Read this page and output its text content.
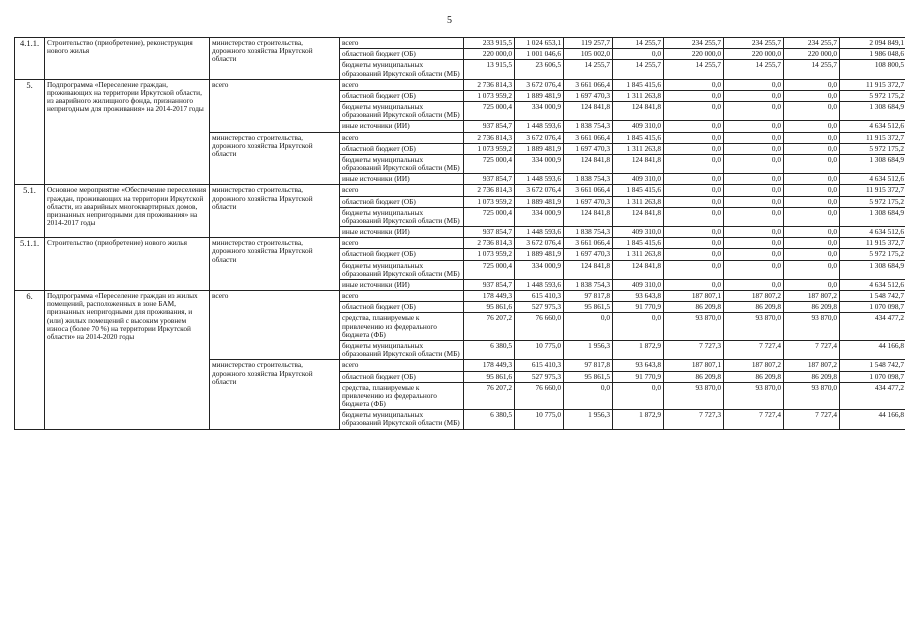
5
4.1.1.	Строительство (приобретение), реконструкция нового жилья	министерство строительства, дорожного хозяйства Иркутской области	всего	233 915,5	1 024 653,1	119 257,7	14 255,7	234 255,7	234 255,7	234 255,7	2 094 849,1
			областной бюджет (ОБ)	220 000,0	1 001 046,6	105 002,0	0,0	220 000,0	220 000,0	220 000,0	1 986 048,6
			бюджеты муниципальных образований Иркутской области (МБ)	13 915,5	23 606,5	14 255,7	14 255,7	14 255,7	14 255,7	14 255,7	108 800,5
5.	Подпрограмма «Переселение граждан, проживающих на территории Иркутской области, из аварийного жилищного фонда, признанного непригодным для проживания» на 2014-2017 годы	всего	всего	2 736 814,3	3 672 076,4	3 661 066,4	1 845 415,6	0,0	0,0	0,0	11 915 372,7
			областной бюджет (ОБ)	1 073 959,2	1 889 481,9	1 697 470,3	1 311 263,8	0,0	0,0	0,0	5 972 175,2
			бюджеты муниципальных образований Иркутской области (МБ)	725 000,4	334 000,9	124 841,8	124 841,8	0,0	0,0	0,0	1 308 684,9
			иные источники (ИИ)	937 854,7	1 448 593,6	1 838 754,3	409 310,0	0,0	0,0	0,0	4 634 512,6
		министерство строительства, дорожного хозяйства Иркутской области	всего	2 736 814,3	3 672 076,4	3 661 066,4	1 845 415,6	0,0	0,0	0,0	11 915 372,7
			областной бюджет (ОБ)	1 073 959,2	1 889 481,9	1 697 470,3	1 311 263,8	0,0	0,0	0,0	5 972 175,2
			бюджеты муниципальных образований Иркутской области (МБ)	725 000,4	334 000,9	124 841,8	124 841,8	0,0	0,0	0,0	1 308 684,9
			иные источники (ИИ)	937 854,7	1 448 593,6	1 838 754,3	409 310,0	0,0	0,0	0,0	4 634 512,6
5.1.	Основное мероприятие «Обеспечение переселения граждан, проживающих на территории Иркутской области, из аварийных многоквартирных домов, признанных непригодными для проживания» на 2014-2017 годы	министерство строительства, дорожного хозяйства Иркутской области	всего	2 736 814,3	3 672 076,4	3 661 066,4	1 845 415,6	0,0	0,0	0,0	11 915 372,7
			областной бюджет (ОБ)	1 073 959,2	1 889 481,9	1 697 470,3	1 311 263,8	0,0	0,0	0,0	5 972 175,2
			бюджеты муниципальных образований Иркутской области (МБ)	725 000,4	334 000,9	124 841,8	124 841,8	0,0	0,0	0,0	1 308 684,9
			иные источники (ИИ)	937 854,7	1 448 593,6	1 838 754,3	409 310,0	0,0	0,0	0,0	4 634 512,6
5.1.1.	Строительство (приобретение) нового жилья	министерство строительства, дорожного хозяйства Иркутской области	всего	2 736 814,3	3 672 076,4	3 661 066,4	1 845 415,6	0,0	0,0	0,0	11 915 372,7
			областной бюджет (ОБ)	1 073 959,2	1 889 481,9	1 697 470,3	1 311 263,8	0,0	0,0	0,0	5 972 175,2
			бюджеты муниципальных образований Иркутской области (МБ)	725 000,4	334 000,9	124 841,8	124 841,8	0,0	0,0	0,0	1 308 684,9
			иные источники (ИИ)	937 854,7	1 448 593,6	1 838 754,3	409 310,0	0,0	0,0	0,0	4 634 512,6
6.	Подпрограмма «Переселение граждан из жилых помещений, расположенных в зоне БАМ, признанных непригодными для проживания, и (или) жилых помещений с высоким уровнем износа (более 70 %) на территории Иркутской области» на 2014-2020 годы	всего	всего	178 449,3	615 410,3	97 817,8	93 643,8	187 807,1	187 807,2	187 807,2	1 548 742,7
			областной бюджет (ОБ)	95 861,6	527 975,3	95 861,5	91 770,9	86 209,8	86 209,8	86 209,8	1 070 098,7
			средства, планируемые к привлечению из федерального бюджета (ФБ)	76 207,2	76 660,0	0,0	0,0	93 870,0	93 870,0	93 870,0	434 477,2
			бюджеты муниципальных образований Иркутской области (МБ)	6 380,5	10 775,0	1 956,3	1 872,9	7 727,3	7 727,4	7 727,4	44 166,8
		министерство строительства, дорожного хозяйства Иркутской области	всего	178 449,3	615 410,3	97 817,8	93 643,8	187 807,1	187 807,2	187 807,2	1 548 742,7
			областной бюджет (ОБ)	95 861,6	527 975,3	95 861,5	91 770,9	86 209,8	86 209,8	86 209,8	1 070 098,7
			средства, планируемые к привлечению из федерального бюджета (ФБ)	76 207,2	76 660,0	0,0	0,0	93 870,0	93 870,0	93 870,0	434 477,2
			бюджеты муниципальных образований Иркутской области (МБ)	6 380,5	10 775,0	1 956,3	1 872,9	7 727,3	7 727,4	7 727,4	44 166,8
